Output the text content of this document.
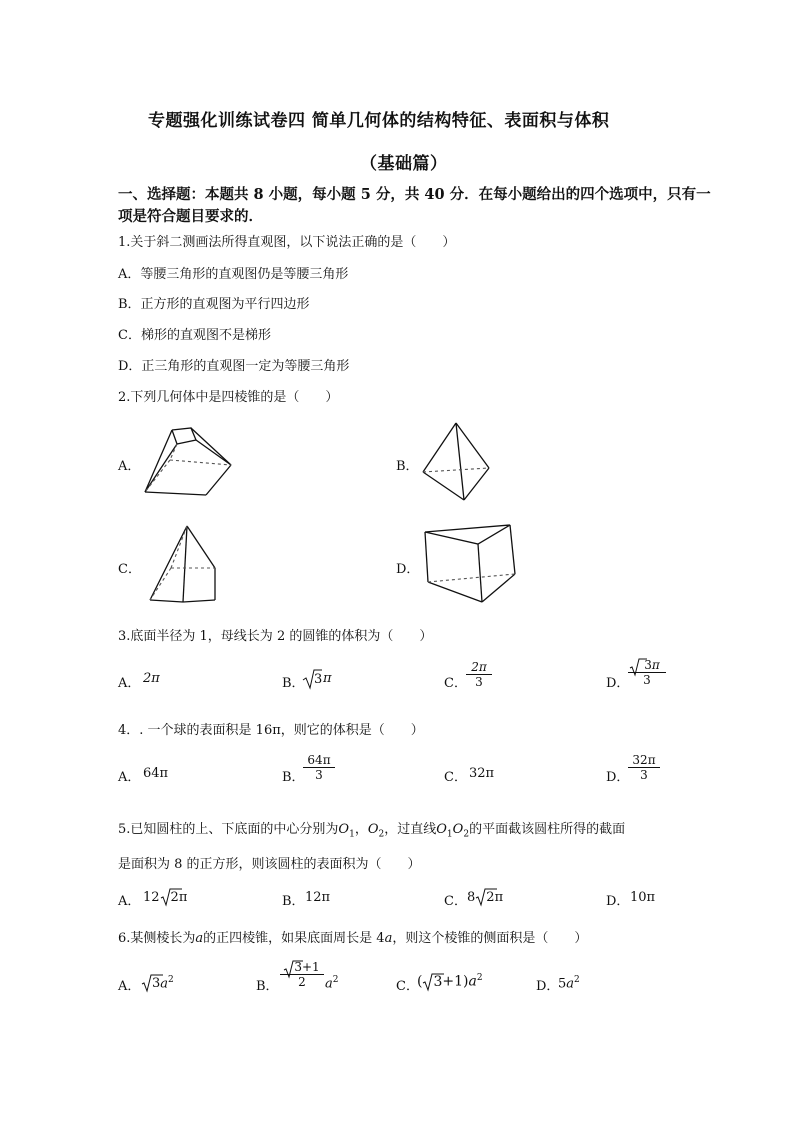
专题强化训练试卷四 简单几何体的结构特征、表面积与体积
（基础篇）
一、选择题：本题共 8 小题，每小题 5 分，共 40 分．在每小题给出的四个选项中，只有一
项是符合题目要求的．
1.关于斜二测画法所得直观图，以下说法正确的是（　　）
A．等腰三角形的直观图仍是等腰三角形
B．正方形的直观图为平行四边形
C．梯形的直观图不是梯形
D．正三角形的直观图一定为等腰三角形
2.下列几何体中是四棱锥的是（　　）
A．	B．
C．	D．
3.底面半径为 1，母线长为 2 的圆锥的体积为（　　）
A． 2π	B． 3 π	C． $\frac{2\pi}{3}$	D．
$\frac{3\pi}{3}$
4．. 一个球的表面积是 16π，则它的体积是（　　）
A． 64π	B．
$\frac{64\pi}{3}$	C． 32π	D．
$\frac{32\pi}{3}$
5.已知圆柱的上、下底面的中心分别为$O_1$，$O_2$，过直线$O_1O_2$的平面截该圆柱所得的截面
是面积为 8 的正方形，则该圆柱的表面积为（　　）
A． 12 2π	B． 12π	C． 8 2π	D． 10π
6.某侧棱长为a的正四棱锥，如果底面周长是 4a，则这个棱锥的侧面积是（　　）
A． $3a^2$	B． $\frac{3+1}{2} a^2$	C．
( $3+1)a^2$
D．
$5a^2$
